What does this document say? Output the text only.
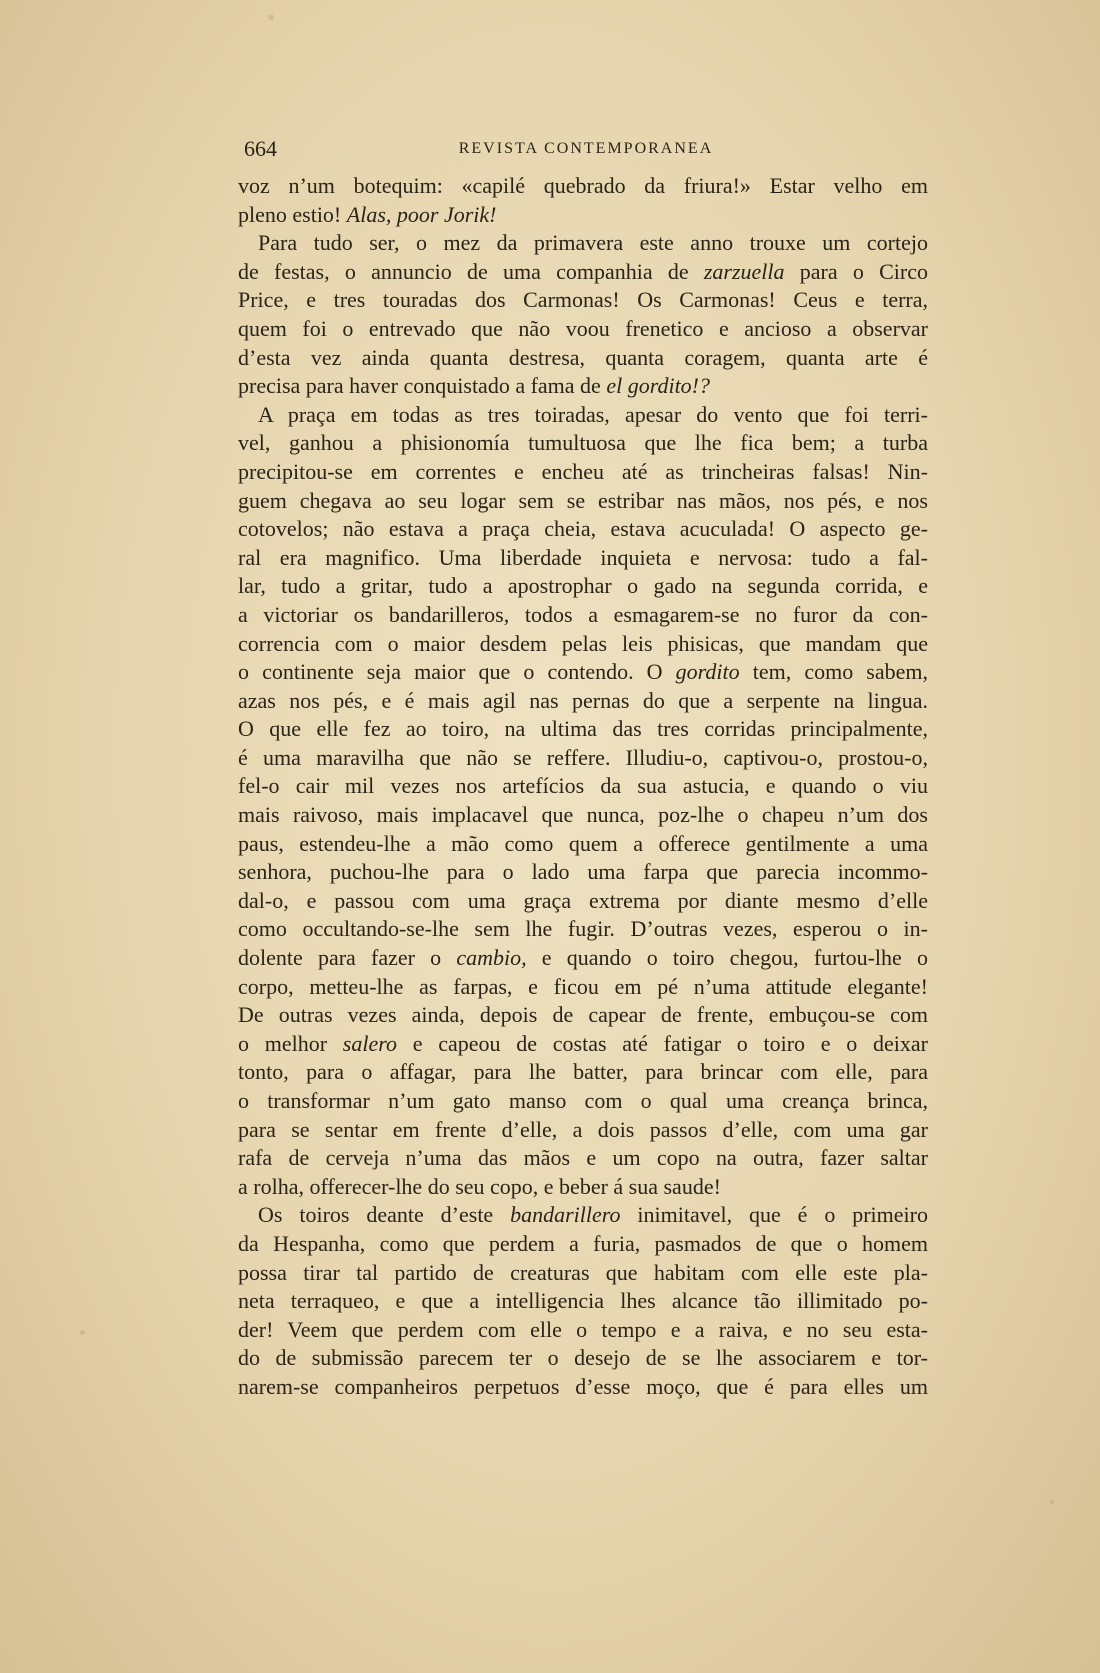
664	REVISTA CONTEMPORANEA
voz n’um botequim: «capilé quebrado da friura!» Estar velho em
pleno estio! Alas, poor Jorik!
Para tudo ser, o mez da primavera este anno trouxe um cortejo
de festas, o annuncio de uma companhia de zarzuella para o Circo
Price, e tres touradas dos Carmonas! Os Carmonas! Ceus e terra,
quem foi o entrevado que não voou frenetico e ancioso a observar
d’esta vez ainda quanta destresa, quanta coragem, quanta arte é
precisa para haver conquistado a fama de el gordito!?
A praça em todas as tres toiradas, apesar do vento que foi terri-
vel, ganhou a phisionomía tumultuosa que lhe fica bem; a turba
precipitou-se em correntes e encheu até as trincheiras falsas! Nin-
guem chegava ao seu logar sem se estribar nas mãos, nos pés, e nos
cotovelos; não estava a praça cheia, estava acuculada! O aspecto ge-
ral era magnifico. Uma liberdade inquieta e nervosa: tudo a fal-
lar, tudo a gritar, tudo a apostrophar o gado na segunda corrida, e
a victoriar os bandarilleros, todos a esmagarem-se no furor da con-
correncia com o maior desdem pelas leis phisicas, que mandam que
o continente seja maior que o contendo. O gordito tem, como sabem,
azas nos pés, e é mais agil nas pernas do que a serpente na lingua.
O que elle fez ao toiro, na ultima das tres corridas principalmente,
é uma maravilha que não se reffere. Illudiu-o, captivou-o, prostou-o,
fel-o cair mil vezes nos artefícios da sua astucia, e quando o viu
mais raivoso, mais implacavel que nunca, poz-lhe o chapeu n’um dos
paus, estendeu-lhe a mão como quem a offerece gentilmente a uma
senhora, puchou-lhe para o lado uma farpa que parecia incommo-
dal-o, e passou com uma graça extrema por diante mesmo d’elle
como occultando-se-lhe sem lhe fugir. D’outras vezes, esperou o in-
dolente para fazer o cambio, e quando o toiro chegou, furtou-lhe o
corpo, metteu-lhe as farpas, e ficou em pé n’uma attitude elegante!
De outras vezes ainda, depois de capear de frente, embuçou-se com
o melhor salero e capeou de costas até fatigar o toiro e o deixar
tonto, para o affagar, para lhe batter, para brincar com elle, para
o transformar n’um gato manso com o qual uma creança brinca,
para se sentar em frente d’elle, a dois passos d’elle, com uma gar
rafa de cerveja n’uma das mãos e um copo na outra, fazer saltar
a rolha, offerecer-lhe do seu copo, e beber á sua saude!
Os toiros deante d’este bandarillero inimitavel, que é o primeiro
da Hespanha, como que perdem a furia, pasmados de que o homem
possa tirar tal partido de creaturas que habitam com elle este pla-
neta terraqueo, e que a intelligencia lhes alcance tão illimitado po-
der! Veem que perdem com elle o tempo e a raiva, e no seu esta-
do de submissão parecem ter o desejo de se lhe associarem e tor-
narem-se companheiros perpetuos d’esse moço, que é para elles um
